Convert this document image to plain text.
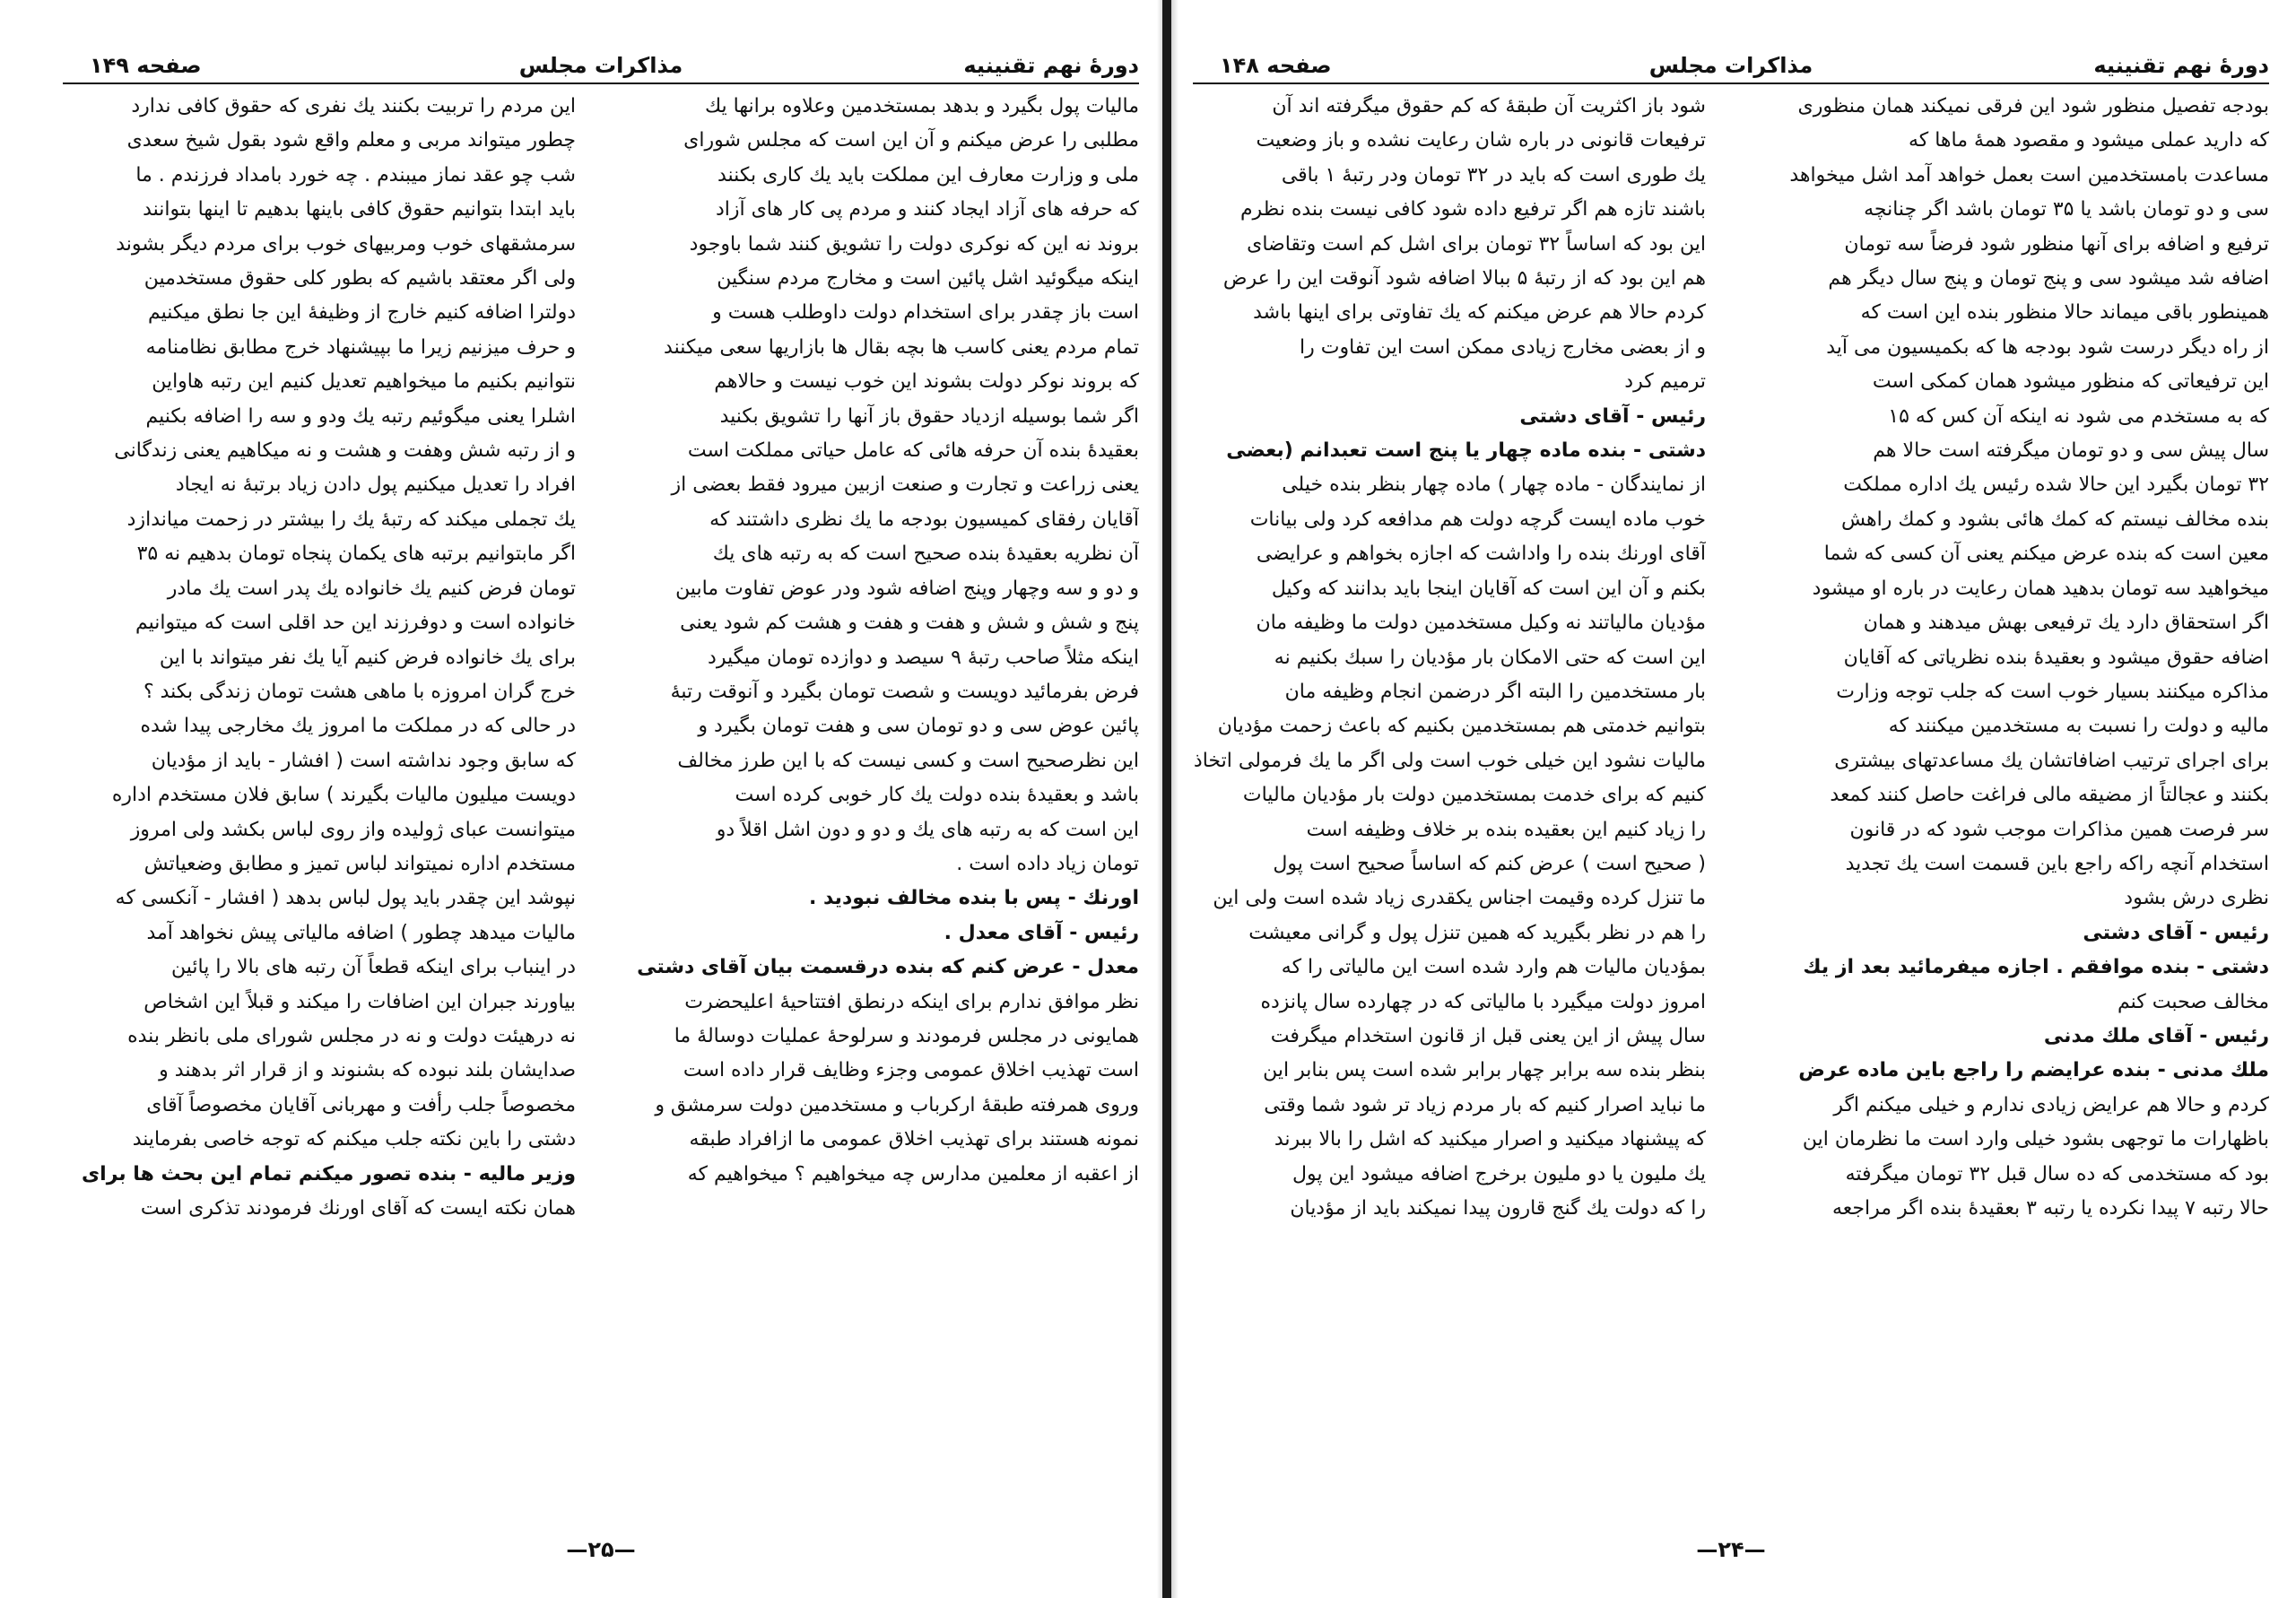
دورهٔ نهم تقنینیه
مذاکرات مجلس
صفحه ۱۴۹

مالیات پول بگیرد و بدهد بمستخدمین وعلاوه برانها یك

مطلبی را عرض میکنم و آن این است که مجلس شورای

ملی و وزارت معارف این مملکت باید یك کاری بکنند

که حرفه های آزاد ایجاد کنند و مردم پی کار های آزاد

بروند نه این که نوکری دولت را تشویق کنند شما باوجود

اینکه میگوئید اشل پائین است و مخارج مردم سنگین

است باز چقدر برای استخدام دولت داوطلب هست و

تمام مردم یعنی کاسب ها بچه بقال ها بازاریها سعی میکنند

که بروند نوکر دولت بشوند این خوب نیست و حالاهم

اگر شما بوسیله ازدیاد حقوق باز آنها را تشویق بکنید

بعقیدهٔ بنده آن حرفه هائی که عامل حیاتی مملکت است

یعنی زراعت و تجارت و صنعت ازبین میرود فقط بعضی از

آقایان رفقای کمیسیون بودجه ما یك نظری داشتند که

آن نظریه بعقیدهٔ بنده صحیح است که به رتبه های یك

و دو و سه وچهار وپنج اضافه شود ودر عوض تفاوت مابین

پنج و شش و شش و هفت و هفت و هشت کم شود یعنی

اینکه مثلاً صاحب رتبهٔ ۹ سیصد و دوازده تومان میگیرد

فرض بفرمائید دویست و شصت تومان بگیرد و آنوقت رتبهٔ

پائین عوض سی و دو تومان سی و هفت تومان بگیرد و

این نظرصحیح است و کسی نیست که با این طرز مخالف

باشد و بعقیدهٔ بنده دولت یك کار خوبی کرده است

این است که به رتبه های یك و دو و دون اشل اقلاً دو

تومان زیاد داده است .

اورنك - پس با بنده مخالف نبودید .

رئیس - آقای معدل .

معدل - عرض کنم که بنده درقسمت بیان آقای دشتی

نظر موافق ندارم برای اینکه درنطق افتتاحیهٔ اعلیحضرت

همایونی در مجلس فرمودند و سرلوحهٔ عملیات دوسالهٔ ما

است تهذیب اخلاق عمومی وجزء وظایف قرار داده است

وروی همرفته طبقهٔ ارکرباب و مستخدمین دولت سرمشق و

نمونه هستند برای تهذیب اخلاق عمومی ما ازافراد طبقه

از اعقبه از معلمین مدارس چه میخواهیم ؟ میخواهیم که

این مردم را تربیت بکنند یك نفری که حقوق کافی ندارد

چطور میتواند مربی و معلم واقع شود بقول شیخ سعدی

شب چو عقد نماز میبندم . چه خورد بامداد فرزندم . ما

باید ابتدا بتوانیم حقوق کافی باینها بدهیم تا اینها بتوانند

سرمشقهای خوب ومربیهای خوب برای مردم دیگر بشوند

ولی اگر معتقد باشیم که بطور کلی حقوق مستخدمین

دولترا اضافه کنیم خارج از وظیفهٔ این جا نطق میکنیم

و حرف میزنیم زیرا ما بپیشنهاد خرج مطابق نظامنامه

نتوانیم بکنیم ما میخواهیم تعدیل کنیم این رتبه هاواین

اشلرا یعنی میگوئیم رتبه یك ودو و سه را اضافه بکنیم

و از رتبه شش وهفت و هشت و نه میکاهیم یعنی زندگانی

افراد را تعدیل میکنیم پول دادن زیاد برتبهٔ نه ایجاد

یك تجملی میکند که رتبهٔ یك را بیشتر در زحمت میاندازد

اگر مابتوانیم برتبه های یکمان پنجاه تومان بدهیم نه ۳۵

تومان فرض کنیم یك خانواده یك پدر است یك مادر

خانواده است و دوفرزند این حد اقلی است که میتوانیم

برای یك خانواده فرض کنیم آیا یك نفر میتواند با این

خرج گران امروزه با ماهی هشت تومان زندگی بکند ؟

در حالی که در مملکت ما امروز یك مخارجی پیدا شده

که سابق وجود نداشته است ( افشار - باید از مؤدیان

دویست میلیون مالیات بگیرند ) سابق فلان مستخدم اداره

میتوانست عبای ژولیده واز روی لباس بکشد ولی امروز

مستخدم اداره نمیتواند لباس تمیز و مطابق وضعیاتش

نپوشد این چقدر باید پول لباس بدهد ( افشار - آنکسی که

مالیات میدهد چطور ) اضافه مالیاتی پیش نخواهد آمد

در اینباب برای اینکه قطعاً آن رتبه های بالا را پائین

بیاورند جبران این اضافات را میکند و قبلاً این اشخاص

نه درهیئت دولت و نه در مجلس شورای ملی بانظر بنده

صدایشان بلند نبوده که بشنوند و از قرار اثر بدهند و

مخصوصاً جلب رأفت و مهربانی آقایان مخصوصاً آقای

دشتی را باین نکته جلب میکنم که توجه خاصی بفرمایند

وزیر مالیه - بنده تصور میکنم تمام این بحث ها برای

همان نکته ایست که آقای اورنك فرمودند تذکری است

—۲۵—
دورهٔ نهم تقنینیه
مذاکرات مجلس
صفحه ۱۴۸

بودجه تفصیل منظور شود این فرقی نمیکند همان منظوری

که دارید عملی میشود و مقصود همهٔ ماها که

مساعدت بامستخدمین است بعمل خواهد آمد اشل میخواهد

سی و دو تومان باشد یا ۳۵ تومان باشد اگر چنانچه

ترفیع و اضافه برای آنها منظور شود فرضاً سه تومان

اضافه شد میشود سی و پنج تومان و پنج سال دیگر هم

همینطور باقی میماند حالا منظور بنده این است که

از راه دیگر درست شود بودجه ها که بکمیسیون می آید

این ترفیعاتی که منظور میشود همان کمکی است

که به مستخدم می شود نه اینکه آن کس که ۱۵

سال پیش سی و دو تومان میگرفته است حالا هم

۳۲ تومان بگیرد این حالا شده رئیس یك اداره مملکت

بنده مخالف نیستم که کمك هائی بشود و کمك راهش

معین است که بنده عرض میکنم یعنی آن کسی که شما

میخواهید سه تومان بدهید همان رعایت در باره او میشود

اگر استحقاق دارد یك ترفیعی بهش میدهند و همان

اضافه حقوق میشود و بعقیدهٔ بنده نظریاتی که آقایان

مذاکره میکنند بسیار خوب است که جلب توجه وزارت

مالیه و دولت را نسبت به مستخدمین میکنند که

برای اجرای ترتیب اضافاتشان یك مساعدتهای بیشتری

بکنند و عجالتاً از مضیقه مالی فراغت حاصل کنند کمعد

سر فرصت همین مذاکرات موجب شود که در قانون

استخدام آنچه راکه راجع باین قسمت است یك تجدید

نظری درش بشود

رئیس - آقای دشتی

دشتی - بنده موافقم . اجازه میفرمائید بعد از یك

مخالف صحبت کنم

رئیس - آقای ملك مدنی

ملك مدنی - بنده عرایضم را راجع باین ماده عرض

کردم و حالا هم عرایض زیادی ندارم و خیلی میکنم اگر

باظهارات ما توجهی بشود خیلی وارد است ما نظرمان این

بود که مستخدمی که ده سال قبل ۳۲ تومان میگرفته

حالا رتبه ۷ پیدا نکرده یا رتبه ۳ بعقیدهٔ بنده اگر مراجعه

شود باز اکثریت آن طبقهٔ که کم حقوق میگرفته اند آن

ترفیعات قانونی در باره شان رعایت نشده و باز وضعیت

یك طوری است که باید در ۳۲ تومان ودر رتبهٔ ۱ باقی

باشند تازه هم اگر ترفیع داده شود کافی نیست بنده نظرم

این بود که اساساً ۳۲ تومان برای اشل کم است وتقاضای

هم این بود که از رتبهٔ ۵ ببالا اضافه شود آنوقت این را عرض

کردم حالا هم عرض میکنم که یك تفاوتی برای اینها باشد

و از بعضی مخارج زیادی ممکن است این تفاوت را

ترمیم کرد

رئیس - آقای دشتی

دشتی - بنده ماده چهار یا پنج است تعبدانم (بعضی

از نمایندگان - ماده چهار ) ماده چهار بنظر بنده خیلی

خوب ماده ایست گرچه دولت هم مدافعه کرد ولی بیانات

آقای اورنك بنده را واداشت که اجازه بخواهم و عرایضی

بکنم و آن این است که آقایان اینجا باید بدانند که وکیل

مؤدیان مالیاتند نه وکیل مستخدمین دولت ما وظیفه مان

این است که حتی الامکان بار مؤدیان را سبك بکنیم نه

بار مستخدمین را البته اگر درضمن انجام وظیفه مان

بتوانیم خدمتی هم بمستخدمین بکنیم که باعث زحمت مؤدیان

مالیات نشود این خیلی خوب است ولی اگر ما یك فرمولی اتخاذ

کنیم که برای خدمت بمستخدمین دولت بار مؤدیان مالیات

را زیاد کنیم این بعقیده بنده بر خلاف وظیفه است

( صحیح است ) عرض کنم که اساساً صحیح است پول

ما تنزل کرده وقیمت اجناس یکقدری زیاد شده است ولی این

را هم در نظر بگیرید که همین تنزل پول و گرانی معیشت

بمؤدیان مالیات هم وارد شده است این مالیاتی را که

امروز دولت میگیرد با مالیاتی که در چهارده سال پانزده

سال پیش از این یعنی قبل از قانون استخدام میگرفت

بنظر بنده سه برابر چهار برابر شده است پس بنابر این

ما نباید اصرار کنیم که بار مردم زیاد تر شود شما وقتی

که پیشنهاد میکنید و اصرار میکنید که اشل را بالا ببرند

یك ملیون یا دو ملیون برخرج اضافه میشود این پول

را که دولت یك گنج قارون پیدا نمیکند باید از مؤدیان

—۲۴—
